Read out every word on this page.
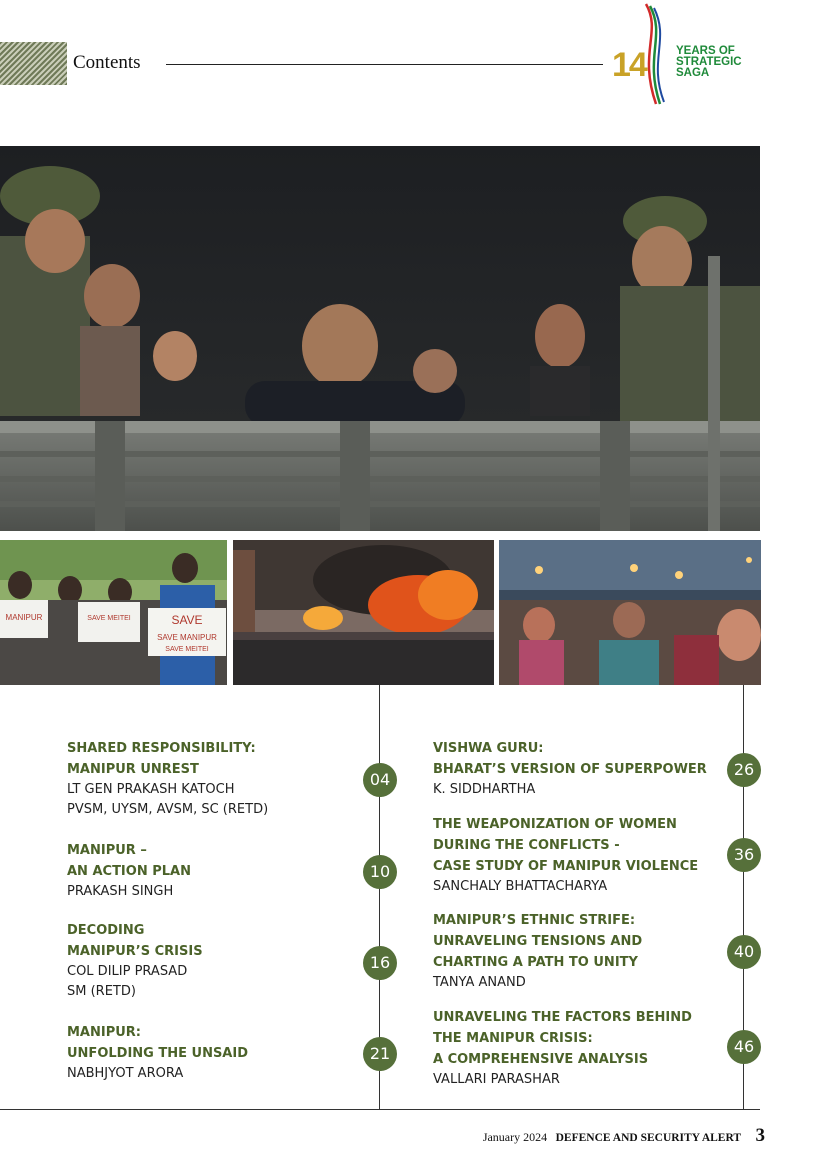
Contents	14	YEARS OF
STRATEGIC
SAGA
MANIPUR	SAVE MEITEI	SAVE
SAVE MANIPUR
SAVE MEITEI
SHARED RESPONSIBILITY:
MANIPUR UNREST
LT GEN PRAKASH KATOCH
PVSM, UYSM, AVSM, SC (RETD)
04
MANIPUR –
AN ACTION PLAN
PRAKASH SINGH
10
DECODING
MANIPUR’S CRISIS
COL DILIP PRASAD
SM (RETD)
16
MANIPUR:
UNFOLDING THE UNSAID
NABHJYOT ARORA
21
VISHWA GURU:
BHARAT’S VERSION OF SUPERPOWER
K. SIDDHARTHA
26
THE WEAPONIZATION OF WOMEN
DURING THE CONFLICTS -
CASE STUDY OF MANIPUR VIOLENCE
SANCHALY BHATTACHARYA
36
MANIPUR’S ETHNIC STRIFE:
UNRAVELING TENSIONS AND
CHARTING A PATH TO UNITY
TANYA ANAND
40
UNRAVELING THE FACTORS BEHIND
THE MANIPUR CRISIS:
A COMPREHENSIVE ANALYSIS
VALLARI PARASHAR
46
January 2024 DEFENCE AND SECURITY ALERT 3
